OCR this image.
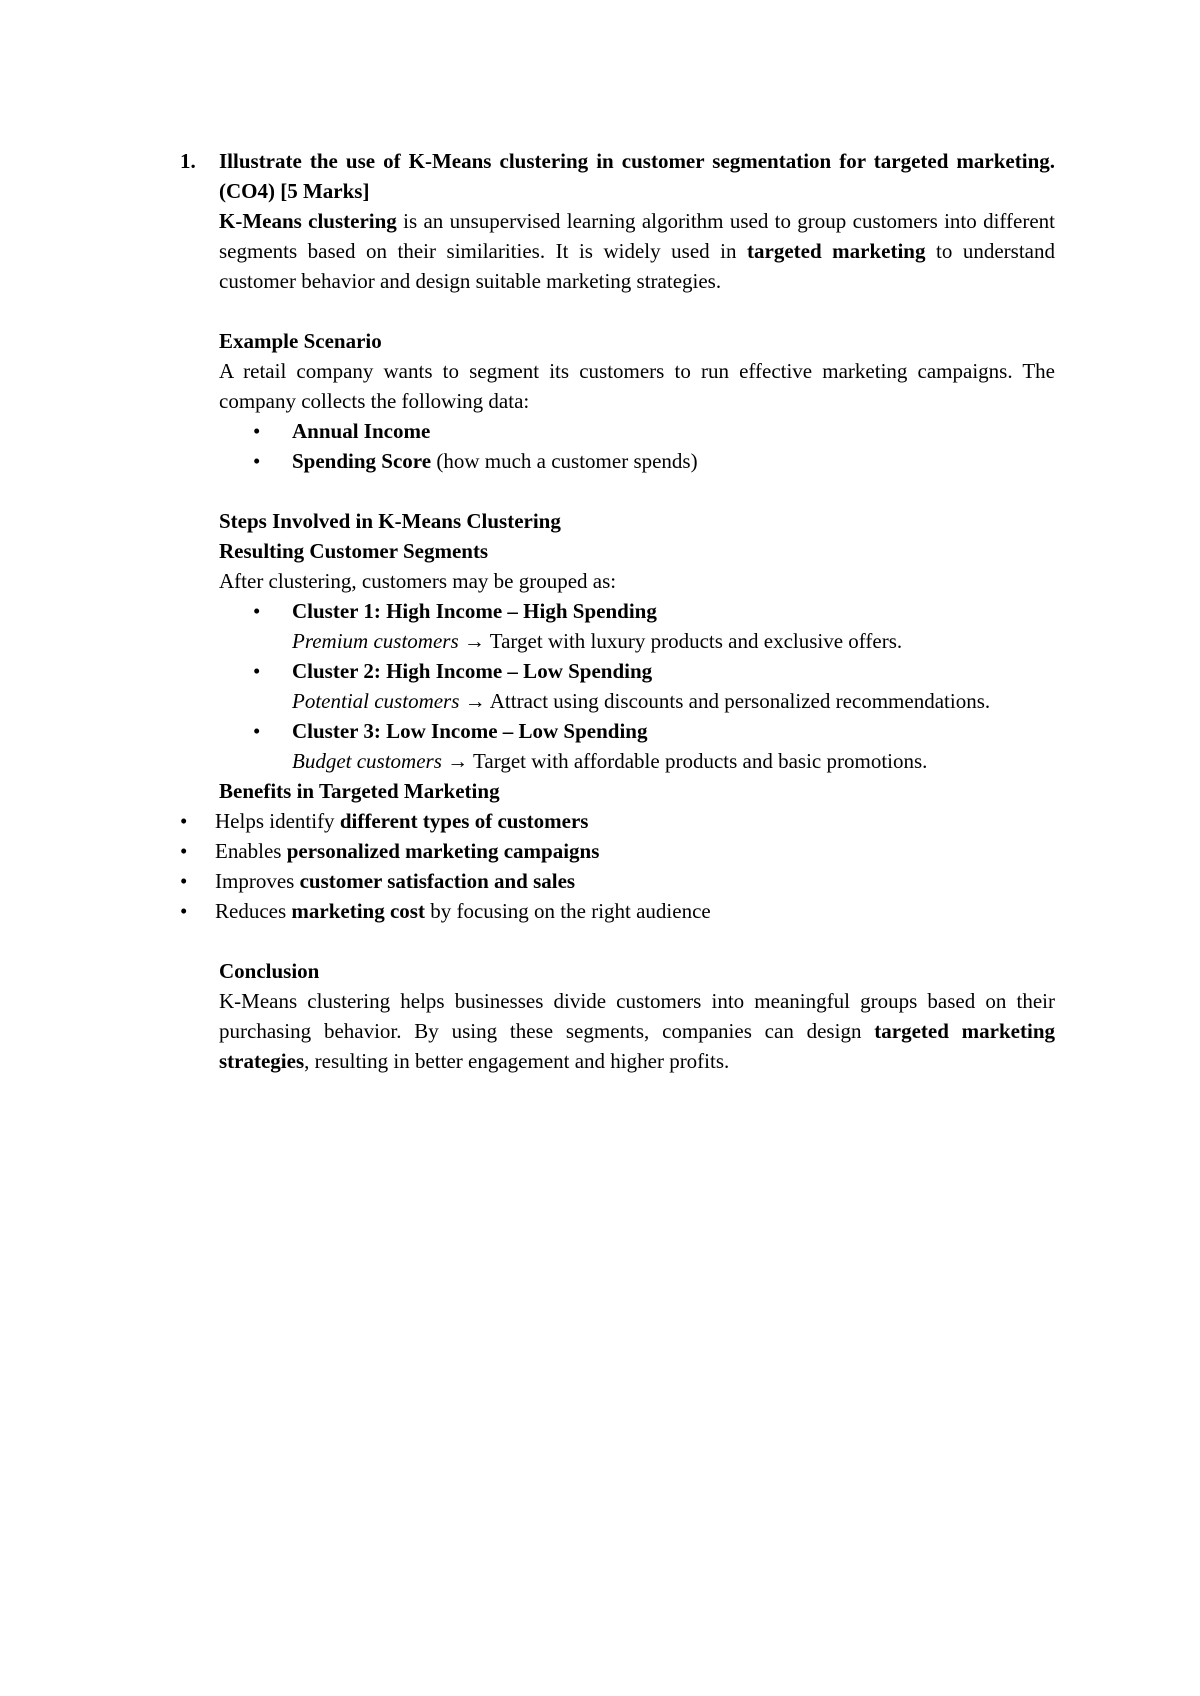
1. Illustrate the use of K-Means clustering in customer segmentation for targeted marketing. (CO4) [5 Marks]

K-Means clustering is an unsupervised learning algorithm used to group customers into different segments based on their similarities. It is widely used in targeted marketing to understand customer behavior and design suitable marketing strategies.

Example Scenario

A retail company wants to segment its customers to run effective marketing campaigns. The company collects the following data:

• Annual Income
• Spending Score (how much a customer spends)

Steps Involved in K-Means Clustering

Resulting Customer Segments

After clustering, customers may be grouped as:

• Cluster 1: High Income – High Spending
Premium customers → Target with luxury products and exclusive offers.
• Cluster 2: High Income – Low Spending
Potential customers → Attract using discounts and personalized recommendations.
• Cluster 3: Low Income – Low Spending
Budget customers → Target with affordable products and basic promotions.

Benefits in Targeted Marketing

• Helps identify different types of customers
• Enables personalized marketing campaigns
• Improves customer satisfaction and sales
• Reduces marketing cost by focusing on the right audience

Conclusion

K-Means clustering helps businesses divide customers into meaningful groups based on their purchasing behavior. By using these segments, companies can design targeted marketing strategies, resulting in better engagement and higher profits.
